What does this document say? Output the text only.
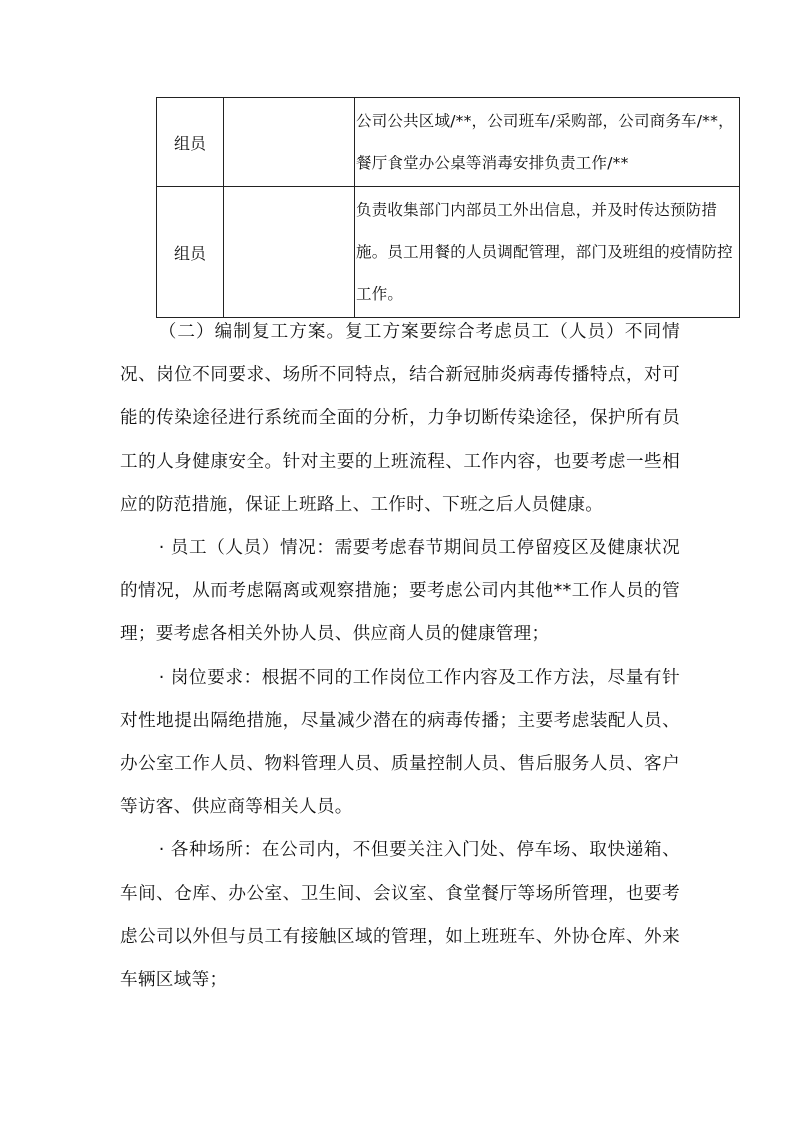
组员		公司公共区域/**，公司班车/采购部，公司商务车/**，餐厅食堂办公桌等消毒安排负责工作/**
组员		负责收集部门内部员工外出信息，并及时传达预防措施。员工用餐的人员调配管理，部门及班组的疫情防控工作。

（二）编制复工方案。复工方案要综合考虑员工（人员）不同情况、岗位不同要求、场所不同特点，结合新冠肺炎病毒传播特点，对可能的传染途径进行系统而全面的分析，力争切断传染途径，保护所有员工的人身健康安全。针对主要的上班流程、工作内容，也要考虑一些相应的防范措施，保证上班路上、工作时、下班之后人员健康。

· 员工（人员）情况：需要考虑春节期间员工停留疫区及健康状况的情况，从而考虑隔离或观察措施；要考虑公司内其他**工作人员的管理；要考虑各相关外协人员、供应商人员的健康管理；

· 岗位要求：根据不同的工作岗位工作内容及工作方法，尽量有针对性地提出隔绝措施，尽量减少潜在的病毒传播；主要考虑装配人员、办公室工作人员、物料管理人员、质量控制人员、售后服务人员、客户等访客、供应商等相关人员。

· 各种场所：在公司内，不但要关注入门处、停车场、取快递箱、车间、仓库、办公室、卫生间、会议室、食堂餐厅等场所管理，也要考虑公司以外但与员工有接触区域的管理，如上班班车、外协仓库、外来车辆区域等；
